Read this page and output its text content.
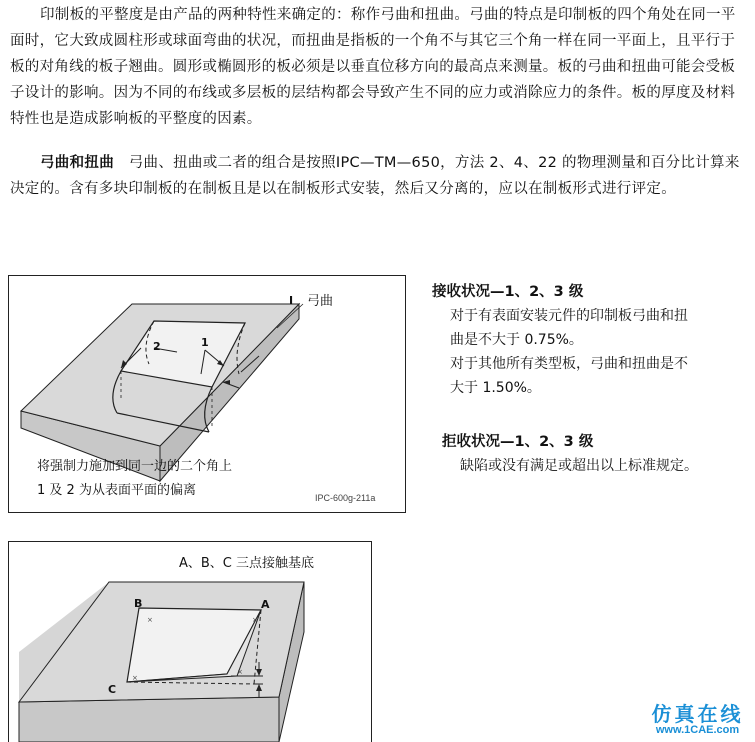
印制板的平整度是由产品的两种特性来确定的：称作弓曲和扭曲。弓曲的特点是印制板的四个角处在同一平面时，它大致成圆柱形或球面弯曲的状况，而扭曲是指板的一个角不与其它三个角一样在同一平面上，且平行于板的对角线的板子翘曲。圆形或椭圆形的板必须是以垂直位移方向的最高点来测量。板的弓曲和扭曲可能会受板子设计的影响。因为不同的布线或多层板的层结构都会导致产生不同的应力或消除应力的条件。板的厚度及材料特性也是造成影响板的平整度的因素。

弓曲和扭曲 弓曲、扭曲或二者的组合是按照IPC—TM—650，方法 2、4、22 的物理测量和百分比计算来决定的。含有多块印制板的在制板且是以在制板形式安装，然后又分离的，应以在制板形式进行评定。

I 弓曲
1
2
将强制力施加到同一边的二个角上
1 及 2 为从表面平面的偏离	IPC-600g-211a
×	×
×
×
A、B、C 三点接触基底
A
B
C
接收状况—1、2、3 级
对于有表面安装元件的印制板弓曲和扭
曲是不大于 0.75%。
对于其他所有类型板，弓曲和扭曲是不
大于 1.50%。
拒收状况—1、2、3 级
缺陷或没有满足或超出以上标准规定。
仿真在线
www.1CAE.com
